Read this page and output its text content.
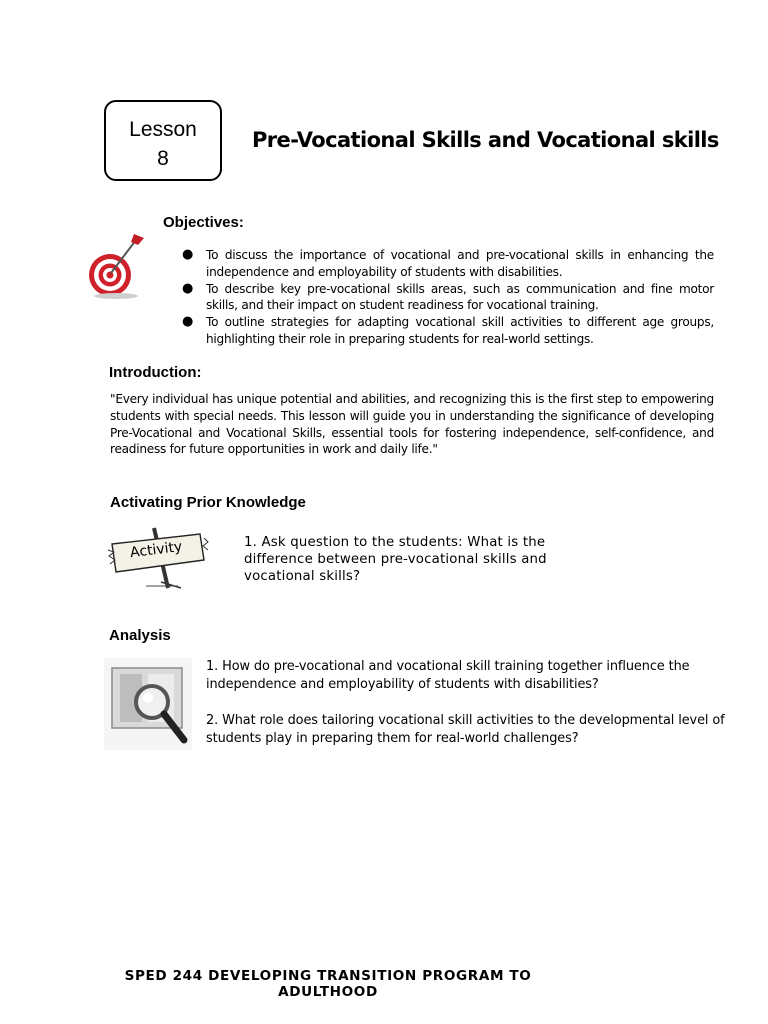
Lesson
8
Pre-Vocational Skills and Vocational skills
Objectives:
● To discuss the importance of vocational and pre-vocational skills in enhancing the independence and employability of students with disabilities.
● To describe key pre-vocational skills areas, such as communication and fine motor skills, and their impact on student readiness for vocational training.
● To outline strategies for adapting vocational skill activities to different age groups, highlighting their role in preparing students for real-world settings.
Introduction:
"Every individual has unique potential and abilities, and recognizing this is the first step to empowering students with special needs. This lesson will guide you in understanding the significance of developing Pre-Vocational and Vocational Skills, essential tools for fostering independence, self-confidence, and readiness for future opportunities in work and daily life."
Activating Prior Knowledge
Activity	1. Ask question to the students: What is the difference between pre-vocational skills and vocational skills?
Analysis
1. How do pre-vocational and vocational skill training together influence the independence and employability of students with disabilities?
2. What role does tailoring vocational skill activities to the developmental level of students play in preparing them for real-world challenges?
SPED 244 DEVELOPING TRANSITION PROGRAM TO
ADULTHOOD
